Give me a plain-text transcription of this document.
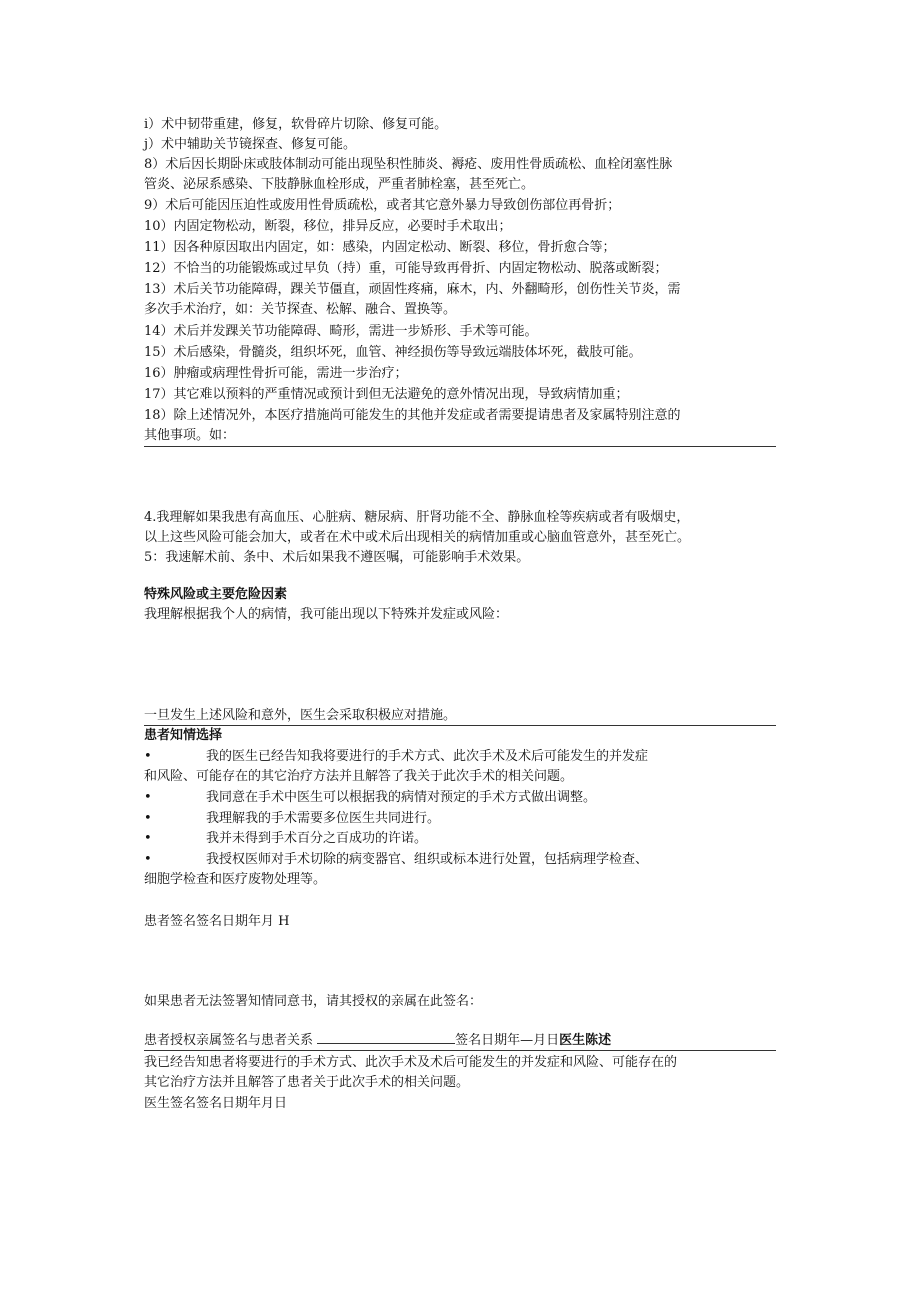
i）术中韧带重建，修复，软骨碎片切除、修复可能。
j）术中辅助关节镜探查、修复可能。
8）术后因长期卧床或肢体制动可能出现坠积性肺炎、褥疮、废用性骨质疏松、血栓闭塞性脉
管炎、泌尿系感染、下肢静脉血栓形成，严重者肺栓塞，甚至死亡。
9）术后可能因压迫性或废用性骨质疏松，或者其它意外暴力导致创伤部位再骨折；
10）内固定物松动，断裂，移位，排异反应，必要时手术取出；
11）因各种原因取出内固定，如：感染，内固定松动、断裂、移位，骨折愈合等；
12）不恰当的功能锻炼或过早负（持）重，可能导致再骨折、内固定物松动、脱落或断裂；
13）术后关节功能障碍，踝关节僵直，顽固性疼痛，麻木，内、外翻畸形，创伤性关节炎，需
多次手术治疗，如：关节探查、松解、融合、置换等。
14）术后并发踝关节功能障碍、畸形，需进一步矫形、手术等可能。
15）术后感染，骨髓炎，组织坏死，血管、神经损伤等导致远端肢体坏死，截肢可能。
16）肿瘤或病理性骨折可能，需进一步治疗；
17）其它难以预料的严重情况或预计到但无法避免的意外情况出现，导致病情加重；
18）除上述情况外，本医疗措施尚可能发生的其他并发症或者需要提请患者及家属特别注意的
其他事项。如：
4.我理解如果我患有高血压、心脏病、糖尿病、肝肾功能不全、静脉血栓等疾病或者有吸烟史，
以上这些风险可能会加大，或者在术中或术后出现相关的病情加重或心脑血管意外，甚至死亡。
5：我速解术前、条中、术后如果我不遵医嘱，可能影响手术效果。
特殊风险或主要危险因素
我理解根据我个人的病情，我可能出现以下特殊并发症或风险：
一旦发生上述风险和意外，医生会采取积极应对措施。
患者知情选择
•	我的医生已经告知我将要进行的手术方式、此次手术及术后可能发生的并发症
和风险、可能存在的其它治疗方法并且解答了我关于此次手术的相关问题。
•	我同意在手术中医生可以根据我的病情对预定的手术方式做出调整。
•	我理解我的手术需要多位医生共同进行。
•	我并未得到手术百分之百成功的许诺。
•	我授权医师对手术切除的病变器官、组织或标本进行处置，包括病理学检查、
细胞学检查和医疗废物处理等。
患者签名签名日期年月 H
如果患者无法签署知情同意书，请其授权的亲属在此签名：
患者授权亲属签名与患者关系	签名日期年—月日医生陈述
我已经告知患者将要进行的手术方式、此次手术及术后可能发生的并发症和风险、可能存在的
其它治疗方法并且解答了患者关于此次手术的相关问题。
医生签名签名日期年月日
